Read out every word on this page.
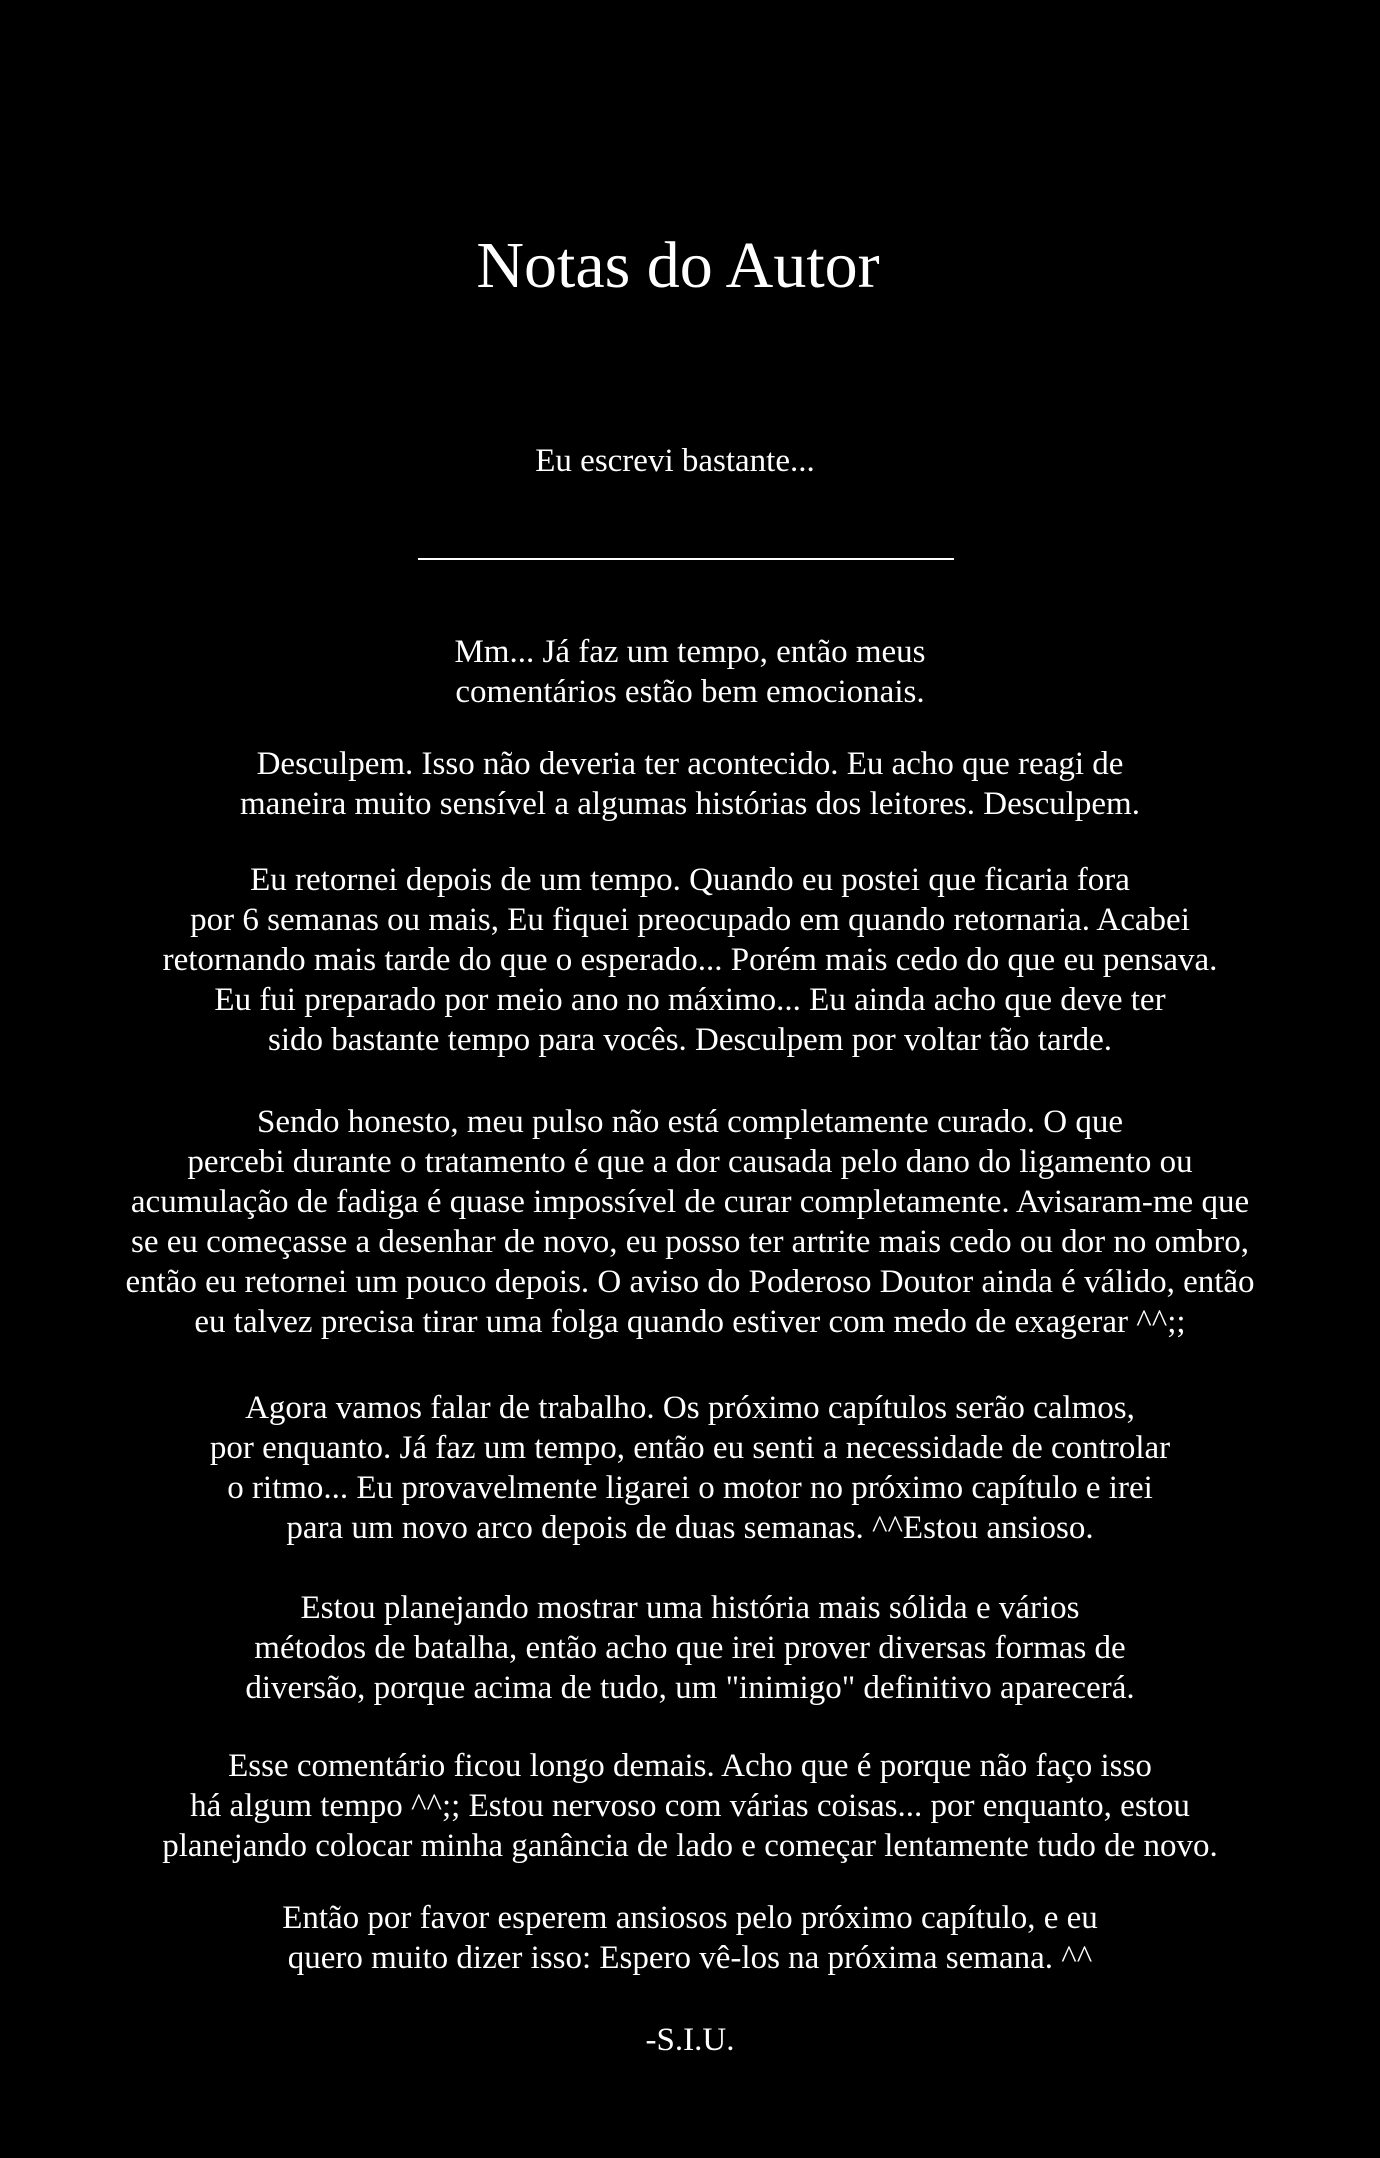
Notas do Autor

Eu escrevi bastante...

Mm... Já faz um tempo, então meus
comentários estão bem emocionais.
Desculpem. Isso não deveria ter acontecido. Eu acho que reagi de
maneira muito sensível a algumas histórias dos leitores. Desculpem.
Eu retornei depois de um tempo. Quando eu postei que ficaria fora
por 6 semanas ou mais, Eu fiquei preocupado em quando retornaria. Acabei
retornando mais tarde do que o esperado... Porém mais cedo do que eu pensava.
Eu fui preparado por meio ano no máximo... Eu ainda acho que deve ter
sido bastante tempo para vocês. Desculpem por voltar tão tarde.
Sendo honesto, meu pulso não está completamente curado. O que
percebi durante o tratamento é que a dor causada pelo dano do ligamento ou
acumulação de fadiga é quase impossível de curar completamente. Avisaram-me que
se eu começasse a desenhar de novo, eu posso ter artrite mais cedo ou dor no ombro,
então eu retornei um pouco depois. O aviso do Poderoso Doutor ainda é válido, então
eu talvez precisa tirar uma folga quando estiver com medo de exagerar ^^;;
Agora vamos falar de trabalho. Os próximo capítulos serão calmos,
por enquanto. Já faz um tempo, então eu senti a necessidade de controlar
o ritmo... Eu provavelmente ligarei o motor no próximo capítulo e irei
para um novo arco depois de duas semanas. ^^Estou ansioso.
Estou planejando mostrar uma história mais sólida e vários
métodos de batalha, então acho que irei prover diversas formas de
diversão, porque acima de tudo, um "inimigo" definitivo aparecerá.
Esse comentário ficou longo demais. Acho que é porque não faço isso
há algum tempo ^^;; Estou nervoso com várias coisas... por enquanto, estou
planejando colocar minha ganância de lado e começar lentamente tudo de novo.
Então por favor esperem ansiosos pelo próximo capítulo, e eu
quero muito dizer isso: Espero vê-los na próxima semana. ^^

-S.I.U.
